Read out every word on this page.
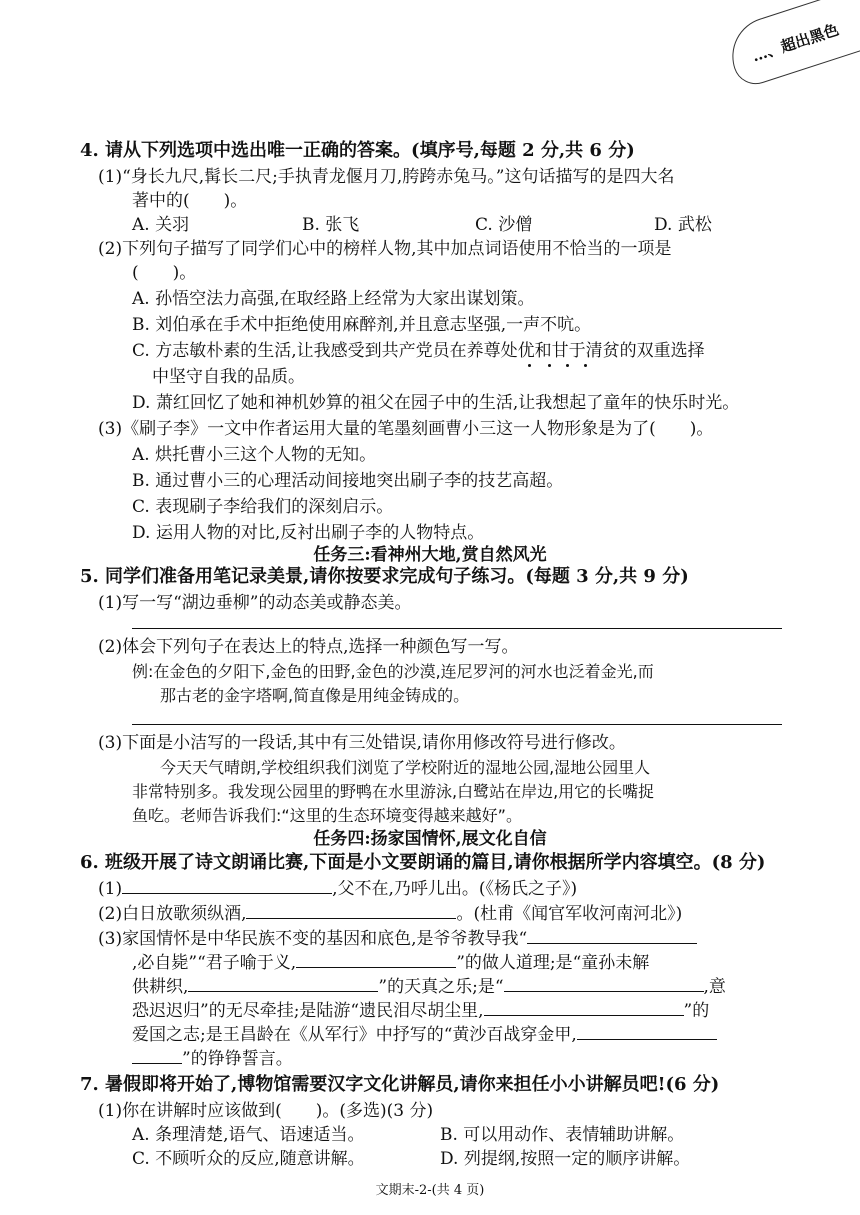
…、超出黑色
4. 请从下列选项中选出唯一正确的答案。(填序号,每题 2 分,共 6 分)
(1)“身长九尺,髯长二尺;手执青龙偃月刀,胯跨赤兔马。”这句话描写的是四大名
著中的(　　)。
A. 关羽	B. 张飞	C. 沙僧	D. 武松
(2)下列句子描写了同学们心中的榜样人物,其中加点词语使用不恰当的一项是
(　　)。
A. 孙悟空法力高强,在取经路上经常为大家出谋划策。
B. 刘伯承在手术中拒绝使用麻醉剂,并且意志坚强,一声不吭。
C. 方志敏朴素的生活,让我感受到共产党员在养尊处优和甘于清贫的双重选择
中坚守自我的品质。
D. 萧红回忆了她和神机妙算的祖父在园子中的生活,让我想起了童年的快乐时光。
(3)《刷子李》一文中作者运用大量的笔墨刻画曹小三这一人物形象是为了(　　)。
A. 烘托曹小三这个人物的无知。
B. 通过曹小三的心理活动间接地突出刷子李的技艺高超。
C. 表现刷子李给我们的深刻启示。
D. 运用人物的对比,反衬出刷子李的人物特点。
任务三:看神州大地,赏自然风光
5. 同学们准备用笔记录美景,请你按要求完成句子练习。(每题 3 分,共 9 分)
(1)写一写“湖边垂柳”的动态美或静态美。
(2)体会下列句子在表达上的特点,选择一种颜色写一写。
例:在金色的夕阳下,金色的田野,金色的沙漠,连尼罗河的河水也泛着金光,而
那古老的金字塔啊,简直像是用纯金铸成的。
(3)下面是小洁写的一段话,其中有三处错误,请你用修改符号进行修改。
今天天气晴朗,学校组织我们浏览了学校附近的湿地公园,湿地公园里人
非常特别多。我发现公园里的野鸭在水里游泳,白鹭站在岸边,用它的长嘴捉
鱼吃。老师告诉我们:“这里的生态环境变得越来越好”。
任务四:扬家国情怀,展文化自信
6. 班级开展了诗文朗诵比赛,下面是小文要朗诵的篇目,请你根据所学内容填空。(8 分)
(1)	,父不在,乃呼儿出。(《杨氏之子》)
(2)白日放歌须纵酒,	。(杜甫《闻官军收河南河北》)
(3)家国情怀是中华民族不变的基因和底色,是爷爷教导我“
,必自毙”“君子喻于义,	”的做人道理;是“童孙未解
供耕织,	”的天真之乐;是“	,意
恐迟迟归”的无尽牵挂;是陆游“遗民泪尽胡尘里,	”的
爱国之志;是王昌龄在《从军行》中抒写的“黄沙百战穿金甲,
”的铮铮誓言。
7. 暑假即将开始了,博物馆需要汉字文化讲解员,请你来担任小小讲解员吧!(6 分)
(1)你在讲解时应该做到(　　)。(多选)(3 分)
A. 条理清楚,语气、语速适当。	B. 可以用动作、表情辅助讲解。
C. 不顾听众的反应,随意讲解。	D. 列提纲,按照一定的顺序讲解。
文期末-2-(共 4 页)
